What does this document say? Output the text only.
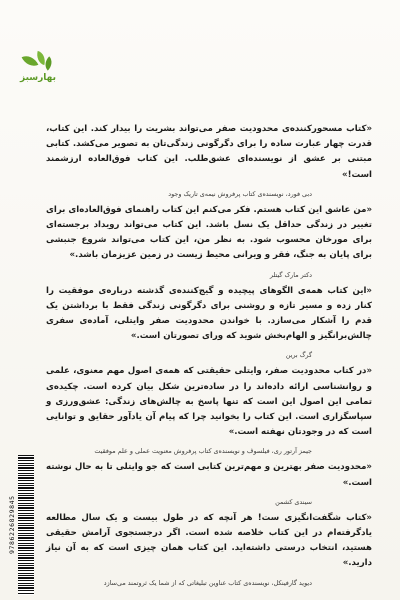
بهارسبز

«کتاب مسحورکننده‌ی محدودیت صفر می‌تواند بشریت را بیدار کند. این کتاب، قدرت چهار عبارت ساده را برای دگرگونی زندگی‌تان به تصویر می‌کشد. کتابی مبتنی بر عشق از نویسنده‌ای عشق‌طلب. این کتاب فوق‌العاده ارزشمند است!»

دبی فورد، نویسنده‌ی کتاب پرفروش نیمه‌ی تاریک وجود

«من عاشق این کتاب هستم. فکر می‌کنم این کتاب راهنمای فوق‌العاده‌ای برای تغییر در زندگی حداقل یک نسل باشد. این کتاب می‌تواند رویداد برجسته‌ای برای مورخان محسوب شود. به نظر من، این کتاب می‌تواند شروع جنبشی برای پایان به جنگ، فقر و ویرانی محیط زیست در زمین عزیزمان باشد.»

دکتر مارک گیتلر

«این کتاب همه‌ی الگوهای پیچیده و گیج‌کننده‌ی گذشته درباره‌ی موفقیت را کنار زده و مسیر تازه و روشنی برای دگرگونی زندگی فقط با برداشتن یک قدم را آشکار می‌سازد. با خواندن محدودیت صفر وایتلی، آماده‌ی سفری چالش‌برانگیز و الهام‌بخش شوید که ورای تصورتان است.»

گرگ برین

«در کتاب محدودیت صفر، وایتلی حقیقتی که همه‌ی اصول مهم معنوی، علمی و روانشناسی ارائه داده‌اند را در ساده‌ترین شکل بیان کرده است. چکیده‌ی تمامی این اصول این است که تنها پاسخ به چالش‌های زندگی: عشق‌ورزی و سپاسگزاری است. این کتاب را بخوانید چرا که پیام آن یادآور حقایق و توانایی است که در وجودتان نهفته است.»

جیمز آرتور ری، فیلسوف و نویسنده‌ی کتاب پرفروش معنویت عملی و علم موفقیت

«محدودیت صفر بهترین و مهم‌ترین کتابی است که جو وایتلی تا به حال نوشته است.»

سیندی کشمن

«کتاب شگفت‌انگیزی ست! هر آنچه که در طول بیست و یک سال مطالعه یادگرفته‌ام در این کتاب خلاصه شده است. اگر درجستجوی آرامش حقیقی هستید، انتخاب درستی داشته‌اید. این کتاب همان چیزی است که به آن نیاز دارید.»

دیوید گارفینکل، نویسنده‌ی کتاب عناوین تبلیغاتی که از شما یک ثروتمند می‌سازد

9786226829845
